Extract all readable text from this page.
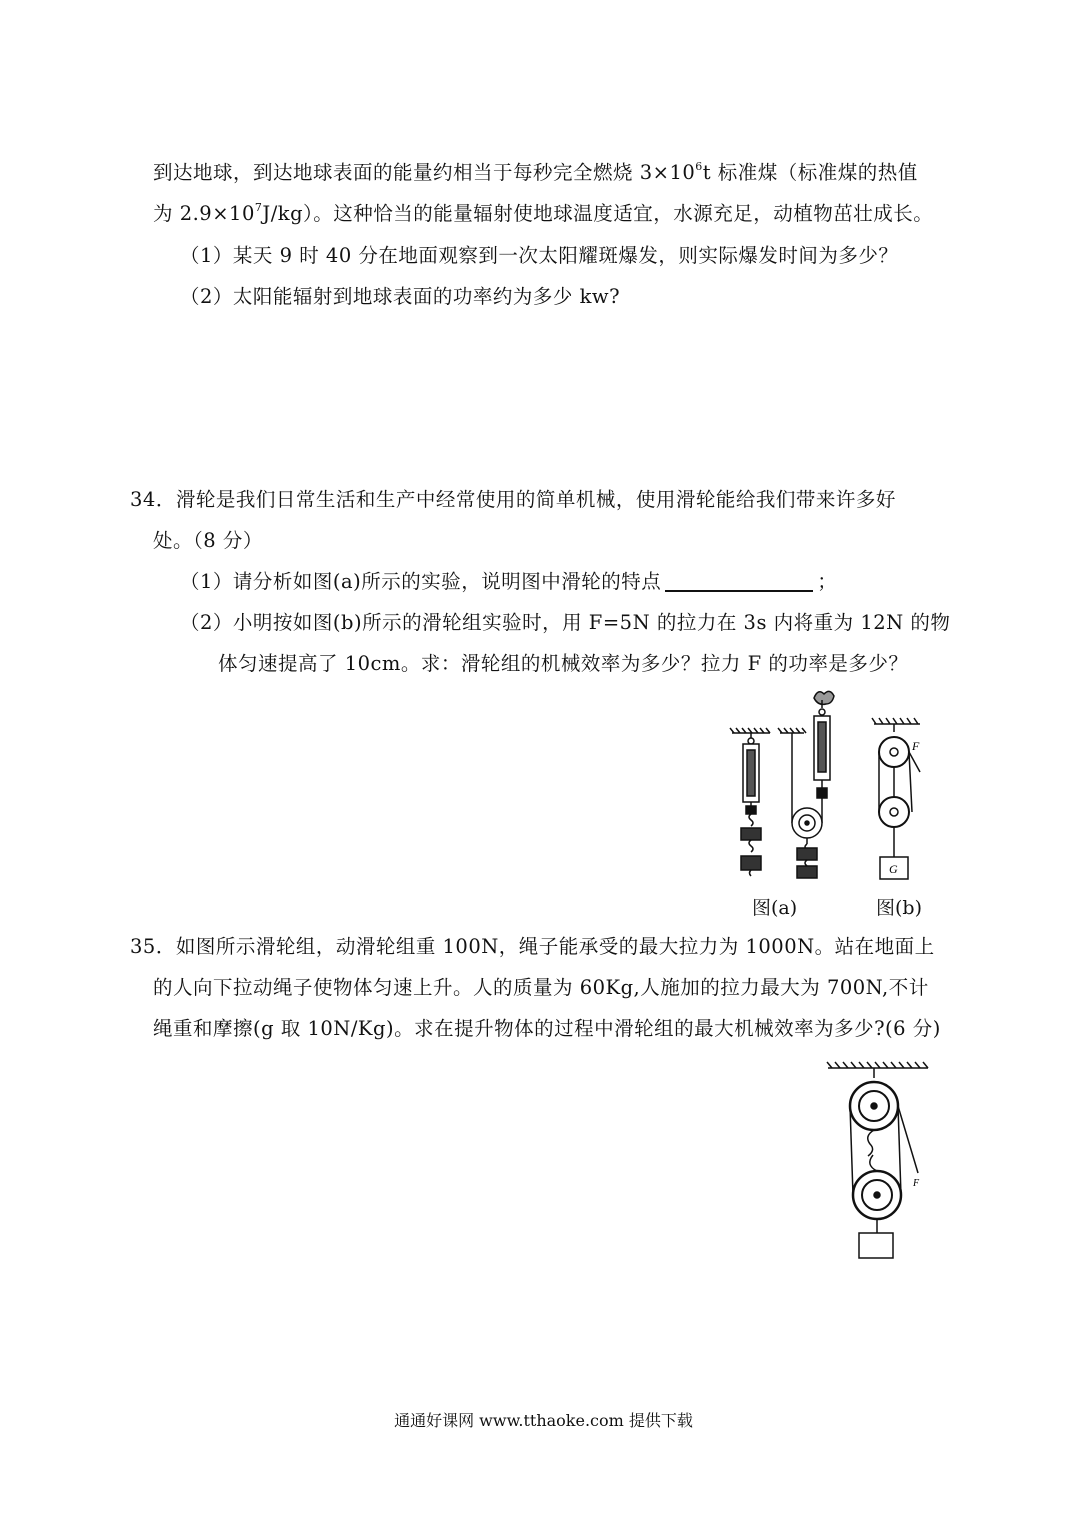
到达地球，到达地球表面的能量约相当于每秒完全燃烧 $3\times 10^6t$ 标准煤（标准煤的热值
为 $2.9\times 10^7J/kg$）。这种恰当的能量辐射使地球温度适宜，水源充足，动植物茁壮成长。
（1）某天 9 时 40 分在地面观察到一次太阳耀斑爆发，则实际爆发时间为多少？
（2）太阳能辐射到地球表面的功率约为多少 kw?
34．滑轮是我们日常生活和生产中经常使用的简单机械，使用滑轮能给我们带来许多好
处。（8 分）
（1）请分析如图(a)所示的实验，说明图中滑轮的特点	；
（2）小明按如图(b)所示的滑轮组实验时，用 F=5N 的拉力在 3s 内将重为 12N 的物
体匀速提高了 10cm。求：滑轮组的机械效率为多少？拉力 F 的功率是多少？
F
G
图(a)	图(b)
35．如图所示滑轮组，动滑轮组重 100N，绳子能承受的最大拉力为 1000N。站在地面上
的人向下拉动绳子使物体匀速上升。人的质量为 60Kg,人施加的拉力最大为 700N,不计
绳重和摩擦(g 取 10N/Kg)。求在提升物体的过程中滑轮组的最大机械效率为多少?(6 分)
F
通通好课网 www.tthaoke.com 提供下载
